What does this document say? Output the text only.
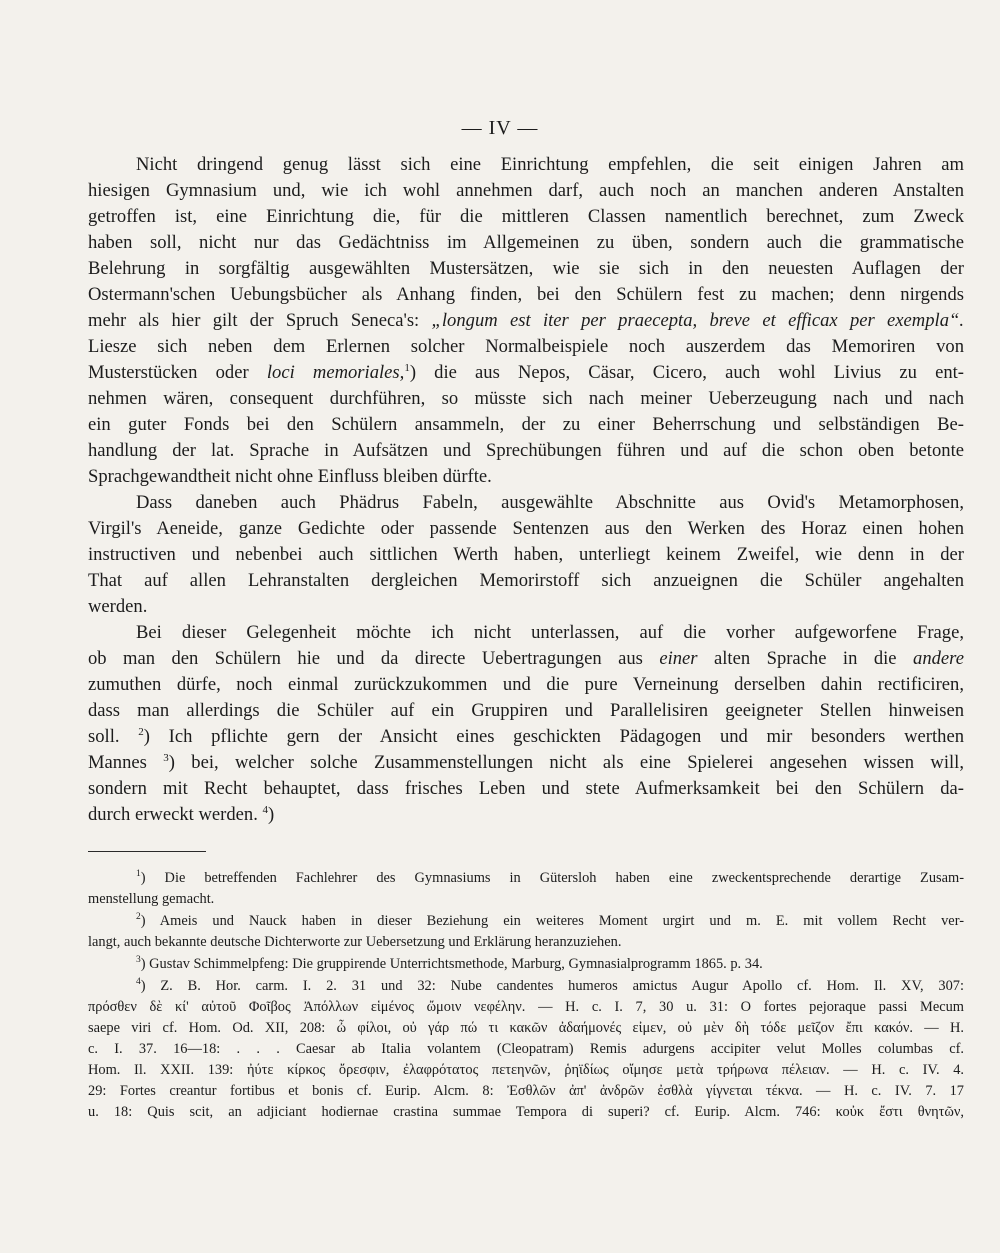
— IV —
Nicht dringend genug lässt sich eine Einrichtung empfehlen, die seit einigen Jahren am
hiesigen Gymnasium und, wie ich wohl annehmen darf, auch noch an manchen anderen Anstalten
getroffen ist, eine Einrichtung die, für die mittleren Classen namentlich berechnet, zum Zweck
haben soll, nicht nur das Gedächtniss im Allgemeinen zu üben, sondern auch die grammatische
Belehrung in sorgfältig ausgewählten Mustersätzen, wie sie sich in den neuesten Auflagen der
Ostermann'schen Uebungsbücher als Anhang finden, bei den Schülern fest zu machen; denn nirgends
mehr als hier gilt der Spruch Seneca's: „longum est iter per praecepta, breve et efficax per exempla“.
Liesze sich neben dem Erlernen solcher Normalbeispiele noch auszerdem das Memoriren von
Musterstücken oder loci memoriales,$^1$) die aus Nepos, Cäsar, Cicero, auch wohl Livius zu ent-
nehmen wären, consequent durchführen, so müsste sich nach meiner Ueberzeugung nach und nach
ein guter Fonds bei den Schülern ansammeln, der zu einer Beherrschung und selbständigen Be-
handlung der lat. Sprache in Aufsätzen und Sprechübungen führen und auf die schon oben betonte
Sprachgewandtheit nicht ohne Einfluss bleiben dürfte.
Dass daneben auch Phädrus Fabeln, ausgewählte Abschnitte aus Ovid's Metamorphosen,
Virgil's Aeneide, ganze Gedichte oder passende Sentenzen aus den Werken des Horaz einen hohen
instructiven und nebenbei auch sittlichen Werth haben, unterliegt keinem Zweifel, wie denn in der
That auf allen Lehranstalten dergleichen Memorirstoff sich anzueignen die Schüler angehalten
werden.
Bei dieser Gelegenheit möchte ich nicht unterlassen, auf die vorher aufgeworfene Frage,
ob man den Schülern hie und da directe Uebertragungen aus einer alten Sprache in die andere
zumuthen dürfe, noch einmal zurückzukommen und die pure Verneinung derselben dahin rectificiren,
dass man allerdings die Schüler auf ein Gruppiren und Parallelisiren geeigneter Stellen hinweisen
soll. $^2$) Ich pflichte gern der Ansicht eines geschickten Pädagogen und mir besonders werthen
Mannes $^3$) bei, welcher solche Zusammenstellungen nicht als eine Spielerei angesehen wissen will,
sondern mit Recht behauptet, dass frisches Leben und stete Aufmerksamkeit bei den Schülern da-
durch erweckt werden. $^4$)
$^1$) Die betreffenden Fachlehrer des Gymnasiums in Gütersloh haben eine zweckentsprechende derartige Zusam-
menstellung gemacht.
$^2$) Ameis und Nauck haben in dieser Beziehung ein weiteres Moment urgirt und m. E. mit vollem Recht ver-
langt, auch bekannte deutsche Dichterworte zur Uebersetzung und Erklärung heranzuziehen.
$^3$) Gustav Schimmelpfeng: Die gruppirende Unterrichtsmethode, Marburg, Gymnasialprogramm 1865. p. 34.
$^4$) Z. B. Hor. carm. I. 2. 31 und 32: Nube candentes humeros amictus Augur Apollo cf. Hom. Il. XV, 307:
πρόσθεν δὲ κί' αὐτοῦ Φοῖβος Ἀπόλλων εἱμένος ὤμοιν νεφέλην. — H. c. I. 7, 30 u. 31: O fortes pejoraque passi Mecum
saepe viri cf. Hom. Od. XII, 208: ὦ φίλοι, οὐ γάρ πώ τι κακῶν ἀδαήμονές εἰμεν, οὐ μὲν δὴ τόδε μεῖζον ἔπι κακόν. — H.
c. I. 37. 16—18: . . . Caesar ab Italia volantem (Cleopatram) Remis adurgens accipiter velut Molles columbas cf.
Hom. Il. XXII. 139: ἠύτε κίρκος ὄρεσφιν, ἐλαφρότατος πετεηνῶν, ῥηϊδίως οἴμησε μετὰ τρήρωνα πέλειαν. — H. c. IV. 4.
29: Fortes creantur fortibus et bonis cf. Eurip. Alcm. 8: Ἐσθλῶν ἀπ' ἀνδρῶν ἐσθλὰ γίγνεται τέκνα. — H. c. IV. 7. 17
u. 18: Quis scit, an adjiciant hodiernae crastina summae Tempora di superi? cf. Eurip. Alcm. 746: κοὐκ ἔστι θνητῶν,
